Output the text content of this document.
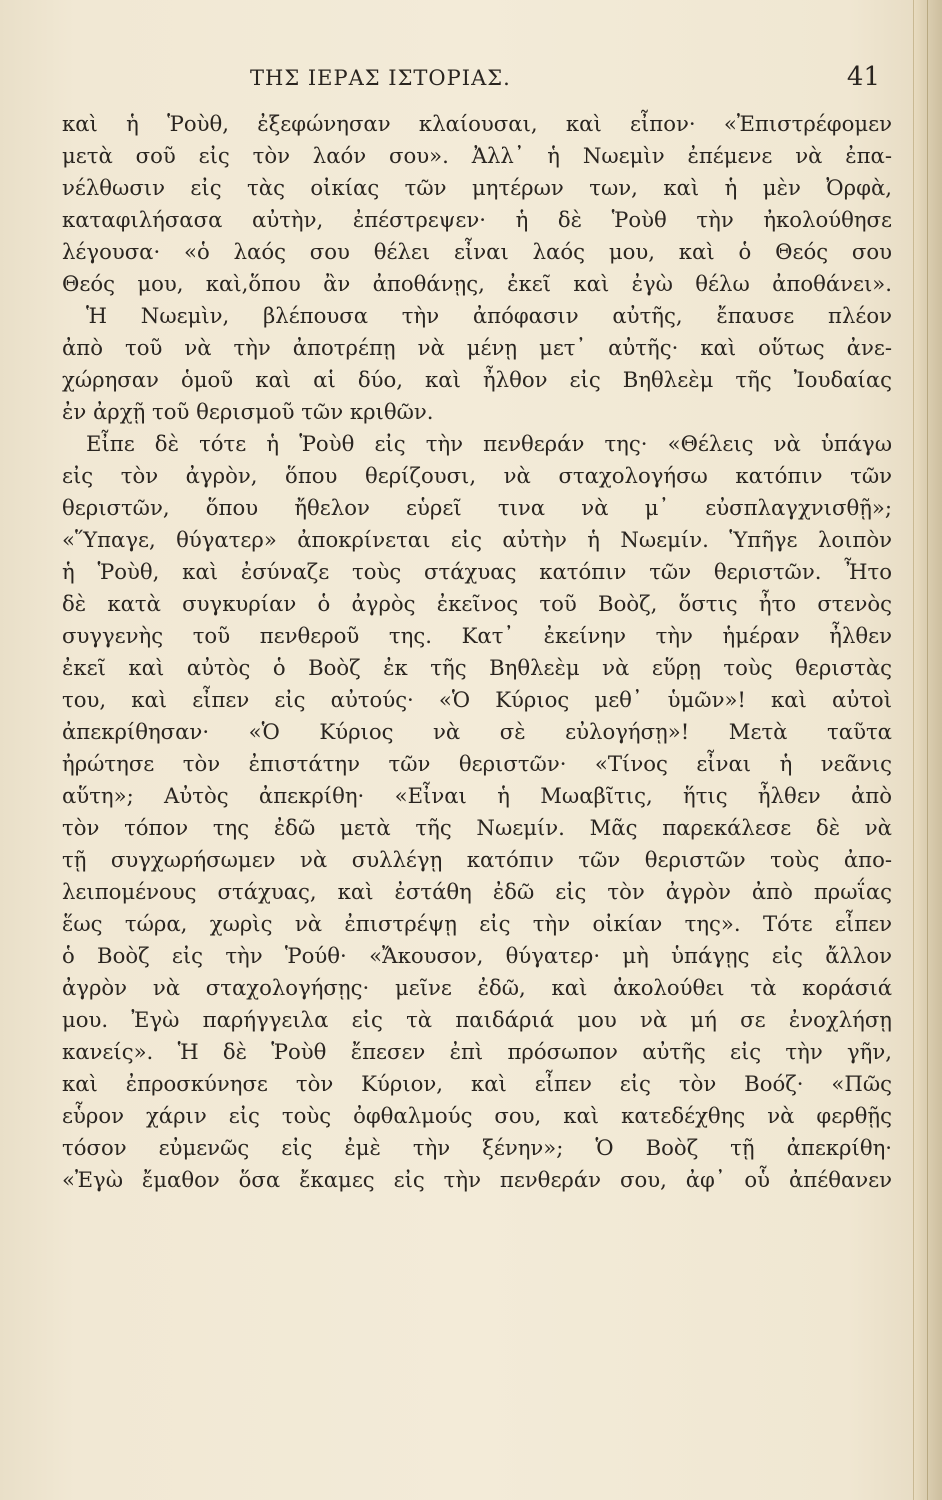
ΤΗΣ ΙΕΡΑΣ ΙΣΤΟΡΙΑΣ.	41
καὶ ἡ Ῥοὺθ, ἐξεφώνησαν κλαίουσαι, καὶ εἶπον· «Ἐπιστρέφομεν
μετὰ σοῦ εἰς τὸν λαόν σου». Ἀλλ᾽ ἡ Νωεμὶν ἐπέμενε νὰ ἐπα-
νέλθωσιν εἰς τὰς οἰκίας τῶν μητέρων των, καὶ ἡ μὲν Ὀρφὰ,
καταφιλήσασα αὐτὴν, ἐπέστρεψεν· ἡ δὲ Ῥοὺθ τὴν ἠκολούθησε
λέγουσα· «ὁ λαός σου θέλει εἶναι λαός μου, καὶ ὁ Θεός σου
Θεός μου, καὶ,ὅπου ἂν ἀποθάνῃς, ἐκεῖ καὶ ἐγὼ θέλω ἀποθάνει».
Ἡ Νωεμὶν, βλέπουσα τὴν ἀπόφασιν αὐτῆς, ἔπαυσε πλέον
ἀπὸ τοῦ νὰ τὴν ἀποτρέπῃ νὰ μένῃ μετ᾽ αὐτῆς· καὶ οὕτως ἀνε-
χώρησαν ὁμοῦ καὶ αἱ δύο, καὶ ἦλθον εἰς Βηθλεὲμ τῆς Ἰουδαίας
ἐν ἀρχῇ τοῦ θερισμοῦ τῶν κριθῶν.
Εἶπε δὲ τότε ἡ Ῥοὺθ εἰς τὴν πενθεράν της· «Θέλεις νὰ ὑπάγω
εἰς τὸν ἀγρὸν, ὅπου θερίζουσι, νὰ σταχολογήσω κατόπιν τῶν
θεριστῶν, ὅπου ἤθελον εὑρεῖ τινα νὰ μ᾽ εὐσπλαγχνισθῇ»;
«Ὕπαγε, θύγατερ» ἀποκρίνεται εἰς αὐτὴν ἡ Νωεμίν. Ὑπῆγε λοιπὸν
ἡ Ῥοὺθ, καὶ ἐσύναζε τοὺς στάχυας κατόπιν τῶν θεριστῶν. Ἦτο
δὲ κατὰ συγκυρίαν ὁ ἀγρὸς ἐκεῖνος τοῦ Βοὸζ, ὅστις ἦτο στενὸς
συγγενὴς τοῦ πενθεροῦ της. Κατ᾽ ἐκείνην τὴν ἡμέραν ἦλθεν
ἐκεῖ καὶ αὐτὸς ὁ Βοὸζ ἐκ τῆς Βηθλεὲμ νὰ εὕρῃ τοὺς θεριστὰς
του, καὶ εἶπεν εἰς αὐτούς· «Ὁ Κύριος μεθ᾽ ὑμῶν»! καὶ αὐτοὶ
ἀπεκρίθησαν· «Ὁ Κύριος νὰ σὲ εὐλογήσῃ»! Μετὰ ταῦτα
ἠρώτησε τὸν ἐπιστάτην τῶν θεριστῶν· «Τίνος εἶναι ἡ νεᾶνις
αὕτη»; Αὐτὸς ἀπεκρίθη· «Εἶναι ἡ Μωαβῖτις, ἥτις ἦλθεν ἀπὸ
τὸν τόπον της ἐδῶ μετὰ τῆς Νωεμίν. Μᾶς παρεκάλεσε δὲ νὰ
τῇ συγχωρήσωμεν νὰ συλλέγῃ κατόπιν τῶν θεριστῶν τοὺς ἀπο-
λειπομένους στάχυας, καὶ ἐστάθη ἐδῶ εἰς τὸν ἀγρὸν ἀπὸ πρωΐας
ἕως τώρα, χωρὶς νὰ ἐπιστρέψῃ εἰς τὴν οἰκίαν της». Τότε εἶπεν
ὁ Βοὸζ εἰς τὴν Ῥούθ· «Ἄκουσον, θύγατερ· μὴ ὑπάγῃς εἰς ἄλλον
ἀγρὸν νὰ σταχολογήσῃς· μεῖνε ἐδῶ, καὶ ἀκολούθει τὰ κοράσιά
μου. Ἐγὼ παρήγγειλα εἰς τὰ παιδάριά μου νὰ μή σε ἐνοχλήσῃ
κανείς». Ἡ δὲ Ῥοὺθ ἔπεσεν ἐπὶ πρόσωπον αὐτῆς εἰς τὴν γῆν,
καὶ ἐπροσκύνησε τὸν Κύριον, καὶ εἶπεν εἰς τὸν Βοόζ· «Πῶς
εὗρον χάριν εἰς τοὺς ὀφθαλμούς σου, καὶ κατεδέχθης νὰ φερθῇς
τόσον εὐμενῶς εἰς ἐμὲ τὴν ξένην»; Ὁ Βοὸζ τῇ ἀπεκρίθη·
«Ἐγὼ ἔμαθον ὅσα ἔκαμες εἰς τὴν πενθεράν σου, ἀφ᾽ οὗ ἀπέθανεν
